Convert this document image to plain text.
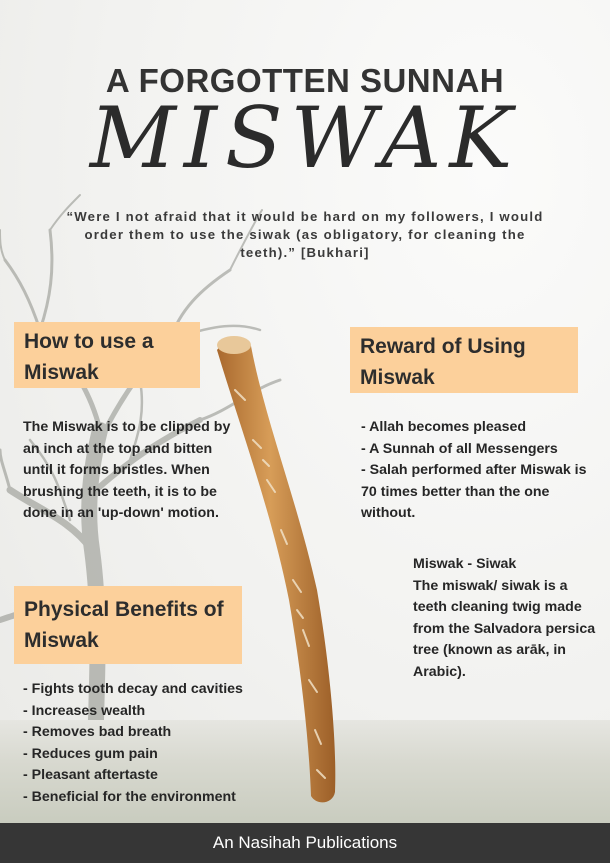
A FORGOTTEN SUNNAH
MISWAK
“Were I not afraid that it would be hard on my followers, I would order them to use the siwak (as obligatory, for cleaning the teeth).” [Bukhari]
How to use a Miswak
The Miswak is to be clipped by an inch at the top and bitten until it forms bristles. When brushing the teeth, it is to be done in an 'up-down' motion.
Reward of Using Miswak
- Allah becomes pleased
- A Sunnah of all Messengers
- Salah performed after Miswak is 70 times better than the one without.
Miswak - Siwak
The miswak/ siwak is a teeth cleaning twig made from the Salvadora persica tree (known as arāk, in Arabic).
Physical Benefits of Miswak
- Fights tooth decay and cavities
- Increases wealth
- Removes bad breath
- Reduces gum pain
- Pleasant aftertaste
- Beneficial for the environment
An Nasihah Publications
